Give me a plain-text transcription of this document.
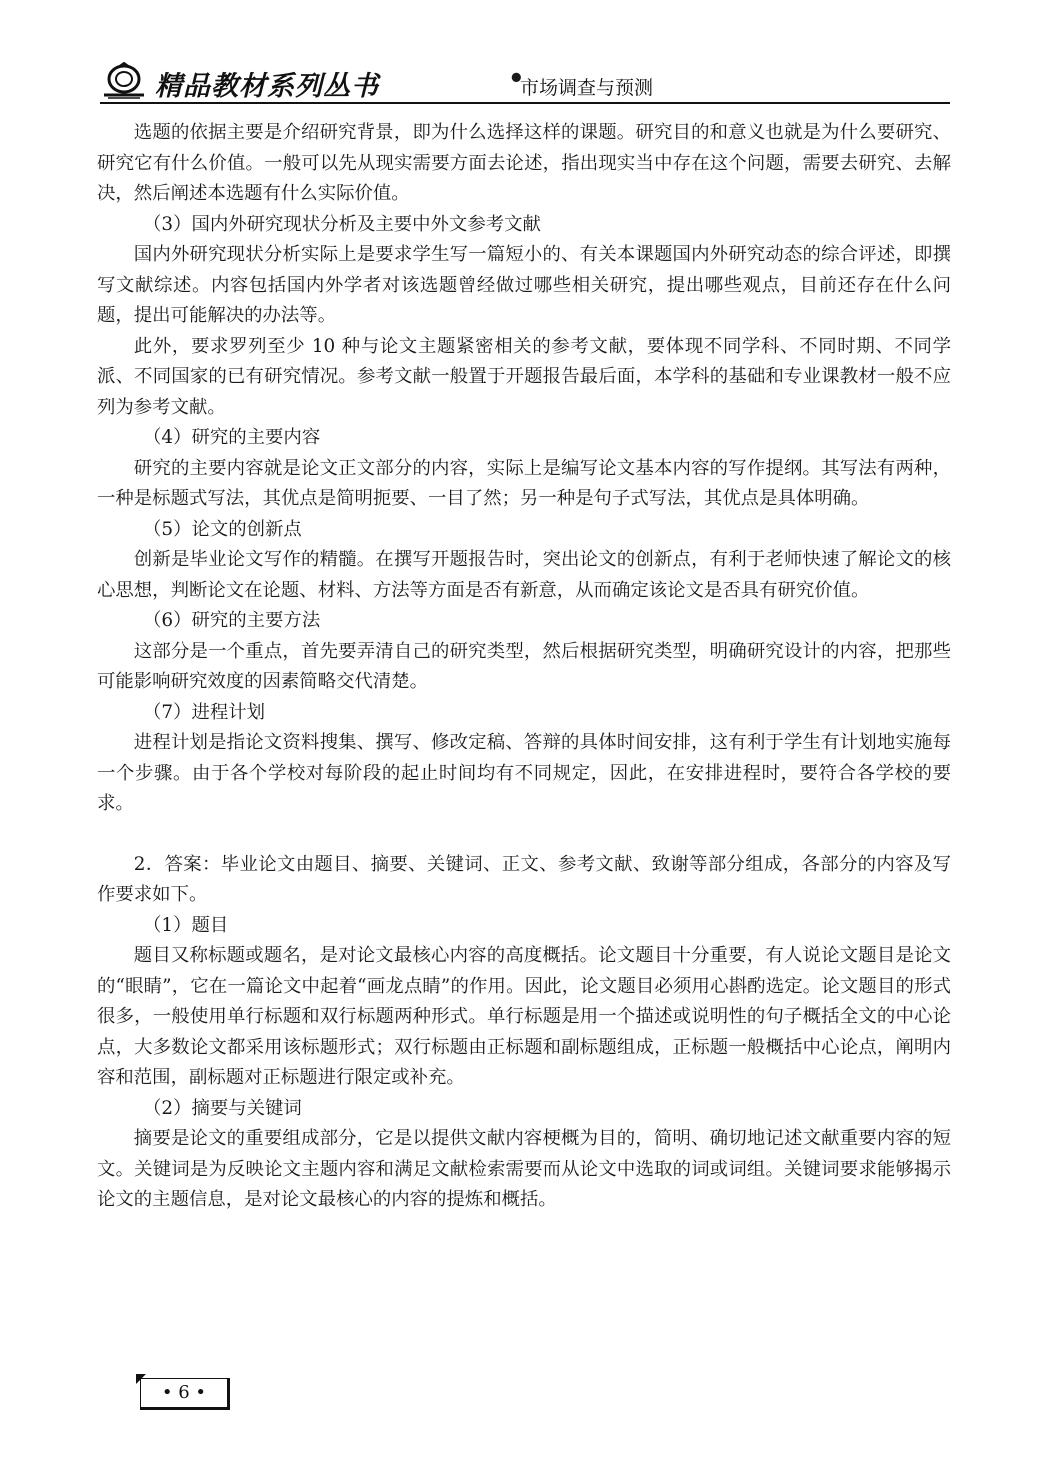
精品教材系列丛书	•
市场调查与预测

选题的依据主要是介绍研究背景，即为什么选择这样的课题。研究目的和意义也就是为什么要研究、研究它有什么价值。一般可以先从现实需要方面去论述，指出现实当中存在这个问题，需要去研究、去解决，然后阐述本选题有什么实际价值。

（3）国内外研究现状分析及主要中外文参考文献

国内外研究现状分析实际上是要求学生写一篇短小的、有关本课题国内外研究动态的综合评述，即撰写文献综述。内容包括国内外学者对该选题曾经做过哪些相关研究，提出哪些观点，目前还存在什么问题，提出可能解决的办法等。

此外，要求罗列至少 10 种与论文主题紧密相关的参考文献，要体现不同学科、不同时期、不同学派、不同国家的已有研究情况。参考文献一般置于开题报告最后面，本学科的基础和专业课教材一般不应列为参考文献。

（4）研究的主要内容

研究的主要内容就是论文正文部分的内容，实际上是编写论文基本内容的写作提纲。其写法有两种，一种是标题式写法，其优点是简明扼要、一目了然；另一种是句子式写法，其优点是具体明确。

（5）论文的创新点

创新是毕业论文写作的精髓。在撰写开题报告时，突出论文的创新点，有利于老师快速了解论文的核心思想，判断论文在论题、材料、方法等方面是否有新意，从而确定该论文是否具有研究价值。

（6）研究的主要方法

这部分是一个重点，首先要弄清自己的研究类型，然后根据研究类型，明确研究设计的内容，把那些可能影响研究效度的因素简略交代清楚。

（7）进程计划

进程计划是指论文资料搜集、撰写、修改定稿、答辩的具体时间安排，这有利于学生有计划地实施每一个步骤。由于各个学校对每阶段的起止时间均有不同规定，因此，在安排进程时，要符合各学校的要求。

2．答案：毕业论文由题目、摘要、关键词、正文、参考文献、致谢等部分组成，各部分的内容及写作要求如下。

（1）题目

题目又称标题或题名，是对论文最核心内容的高度概括。论文题目十分重要，有人说论文题目是论文的“眼睛”，它在一篇论文中起着“画龙点睛”的作用。因此，论文题目必须用心斟酌选定。论文题目的形式很多，一般使用单行标题和双行标题两种形式。单行标题是用一个描述或说明性的句子概括全文的中心论点，大多数论文都采用该标题形式；双行标题由正标题和副标题组成，正标题一般概括中心论点，阐明内容和范围，副标题对正标题进行限定或补充。

（2）摘要与关键词

摘要是论文的重要组成部分，它是以提供文献内容梗概为目的，简明、确切地记述文献重要内容的短文。关键词是为反映论文主题内容和满足文献检索需要而从论文中选取的词或词组。关键词要求能够揭示论文的主题信息，是对论文最核心的内容的提炼和概括。

• 6 •
